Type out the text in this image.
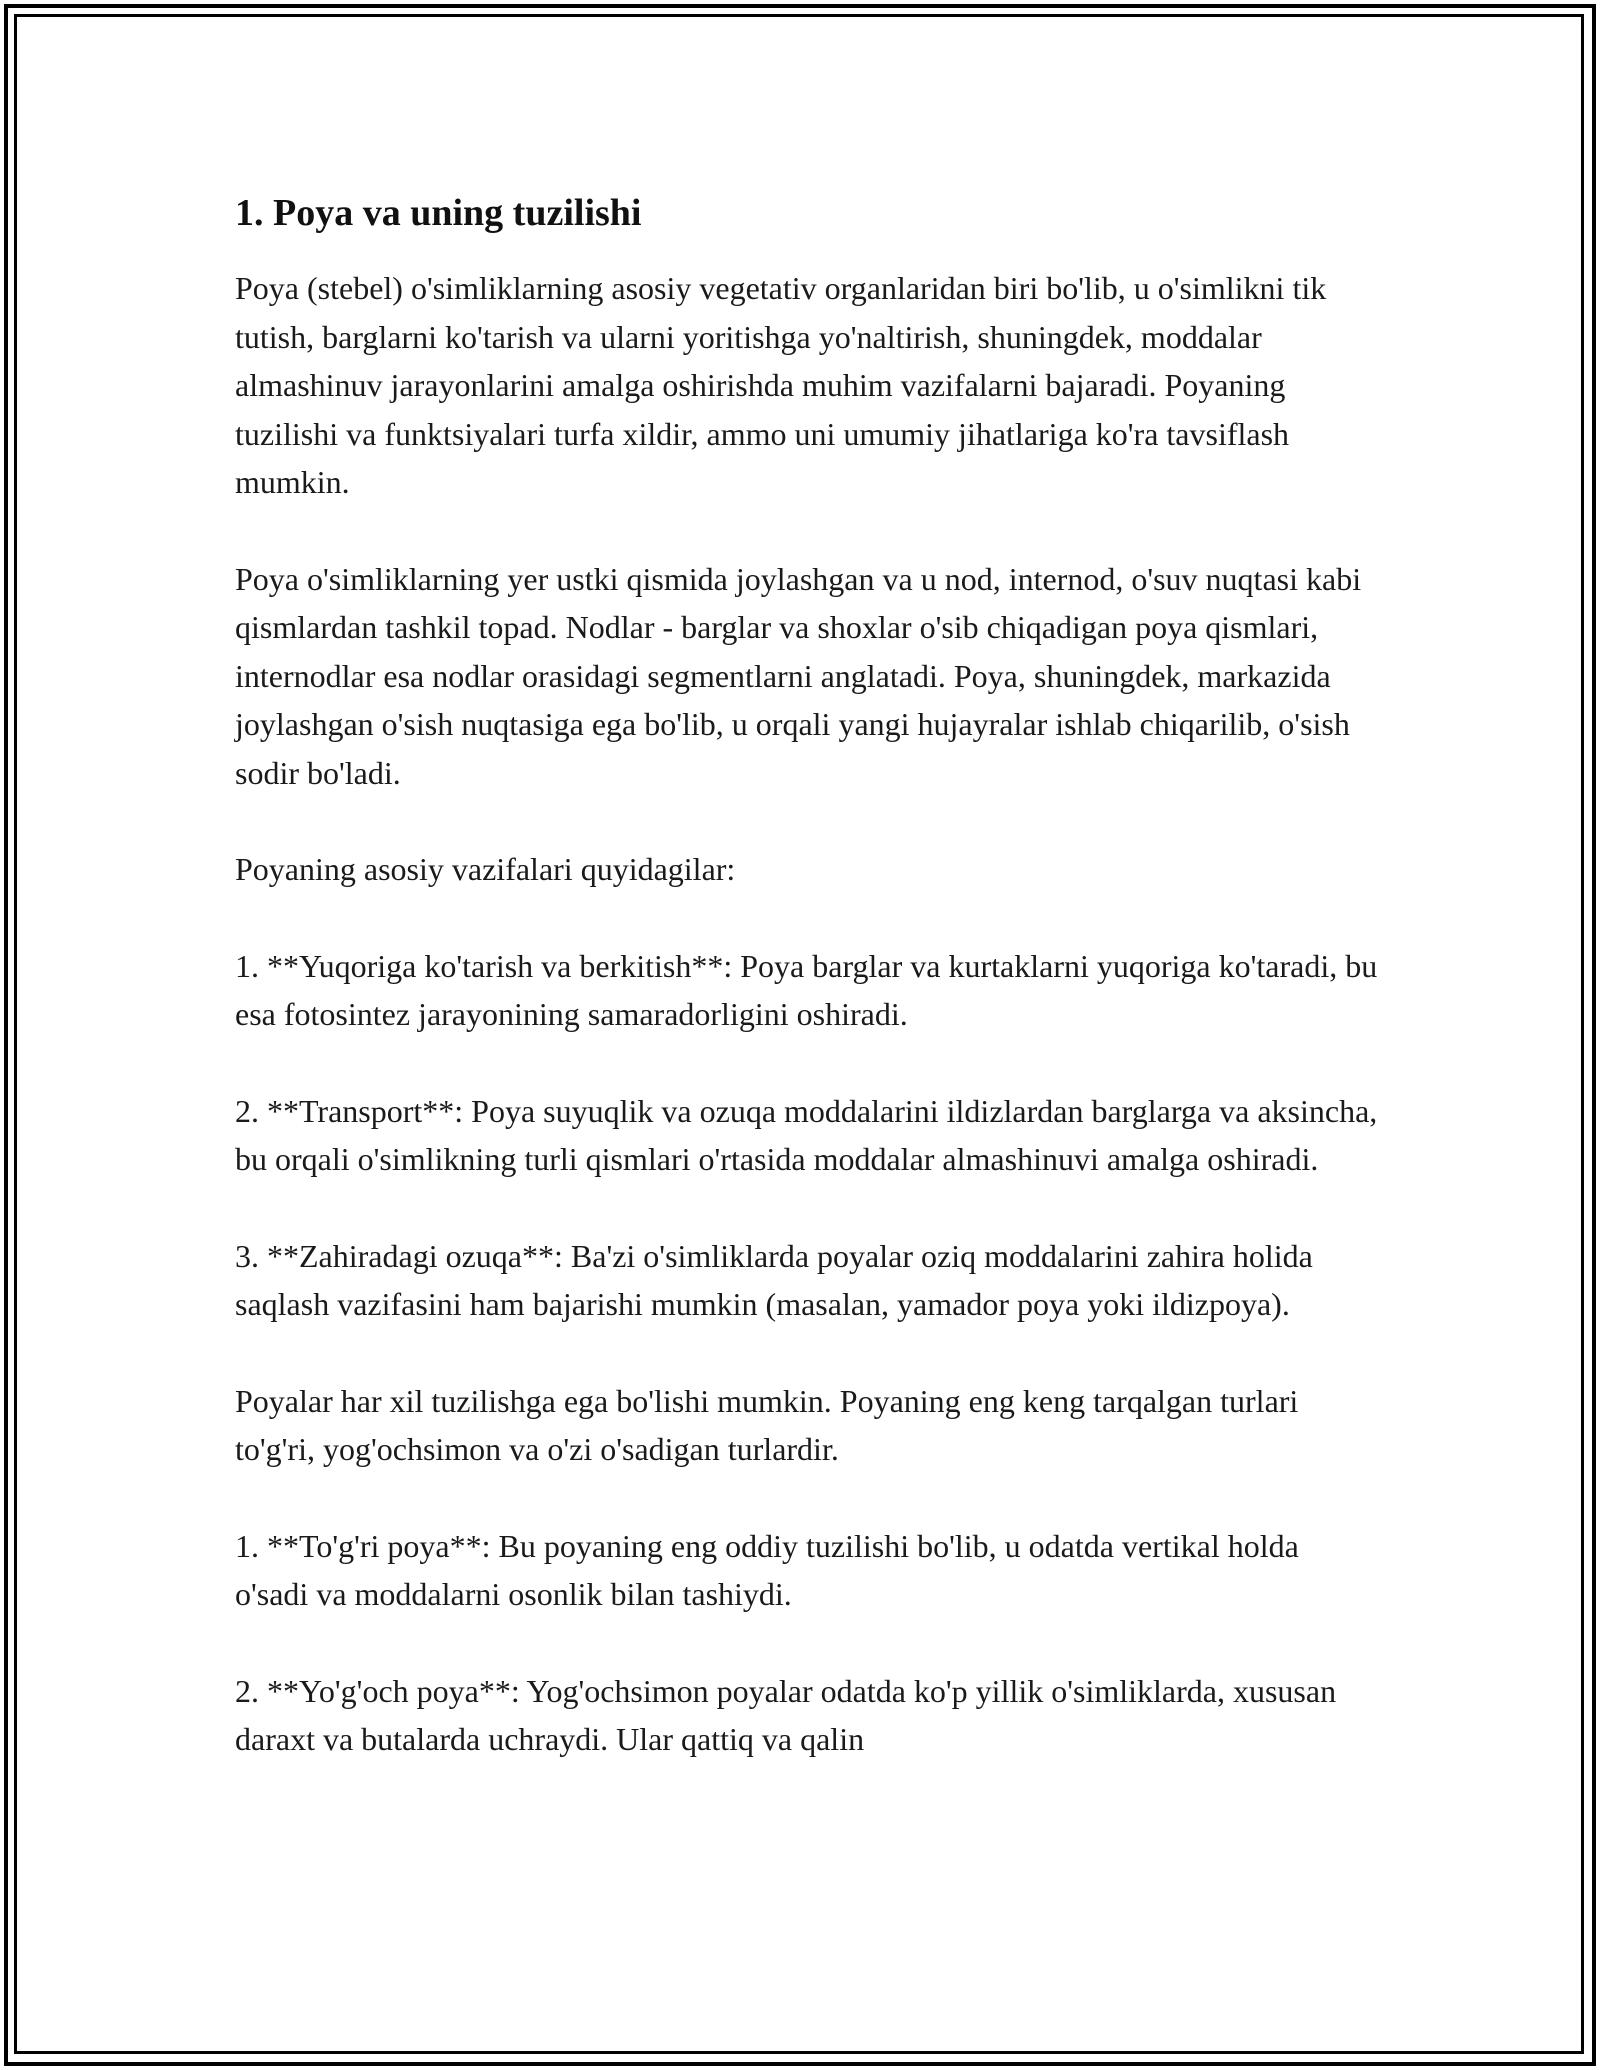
1. Poya va uning tuzilishi

Poya (stebel) o'simliklarning asosiy vegetativ organlaridan biri bo'lib, u o'simlikni tik tutish, barglarni ko'tarish va ularni yoritishga yo'naltirish, shuningdek, moddalar almashinuv jarayonlarini amalga oshirishda muhim vazifalarni bajaradi. Poyaning tuzilishi va funktsiyalari turfa xildir, ammo uni umumiy jihatlariga ko'ra tavsiflash mumkin.

Poya o'simliklarning yer ustki qismida joylashgan va u nod, internod, o'suv nuqtasi kabi qismlardan tashkil topad. Nodlar - barglar va shoxlar o'sib chiqadigan poya qismlari, internodlar esa nodlar orasidagi segmentlarni anglatadi. Poya, shuningdek, markazida joylashgan o'sish nuqtasiga ega bo'lib, u orqali yangi hujayralar ishlab chiqarilib, o'sish sodir bo'ladi.

Poyaning asosiy vazifalari quyidagilar:

1. **Yuqoriga ko'tarish va berkitish**: Poya barglar va kurtaklarni yuqoriga ko'taradi, bu esa fotosintez jarayonining samaradorligini oshiradi.

2. **Transport**: Poya suyuqlik va ozuqa moddalarini ildizlardan barglarga va aksincha, bu orqali o'simlikning turli qismlari o'rtasida moddalar almashinuvi amalga oshiradi.

3. **Zahiradagi ozuqa**: Ba'zi o'simliklarda poyalar oziq moddalarini zahira holida saqlash vazifasini ham bajarishi mumkin (masalan, yamador poya yoki ildizpoya).

Poyalar har xil tuzilishga ega bo'lishi mumkin. Poyaning eng keng tarqalgan turlari to'g'ri, yog'ochsimon va o'zi o'sadigan turlardir.

1. **To'g'ri poya**: Bu poyaning eng oddiy tuzilishi bo'lib, u odatda vertikal holda o'sadi va moddalarni osonlik bilan tashiydi.

2. **Yo'g'och poya**: Yog'ochsimon poyalar odatda ko'p yillik o'simliklarda, xususan daraxt va butalarda uchraydi. Ular qattiq va qalin
